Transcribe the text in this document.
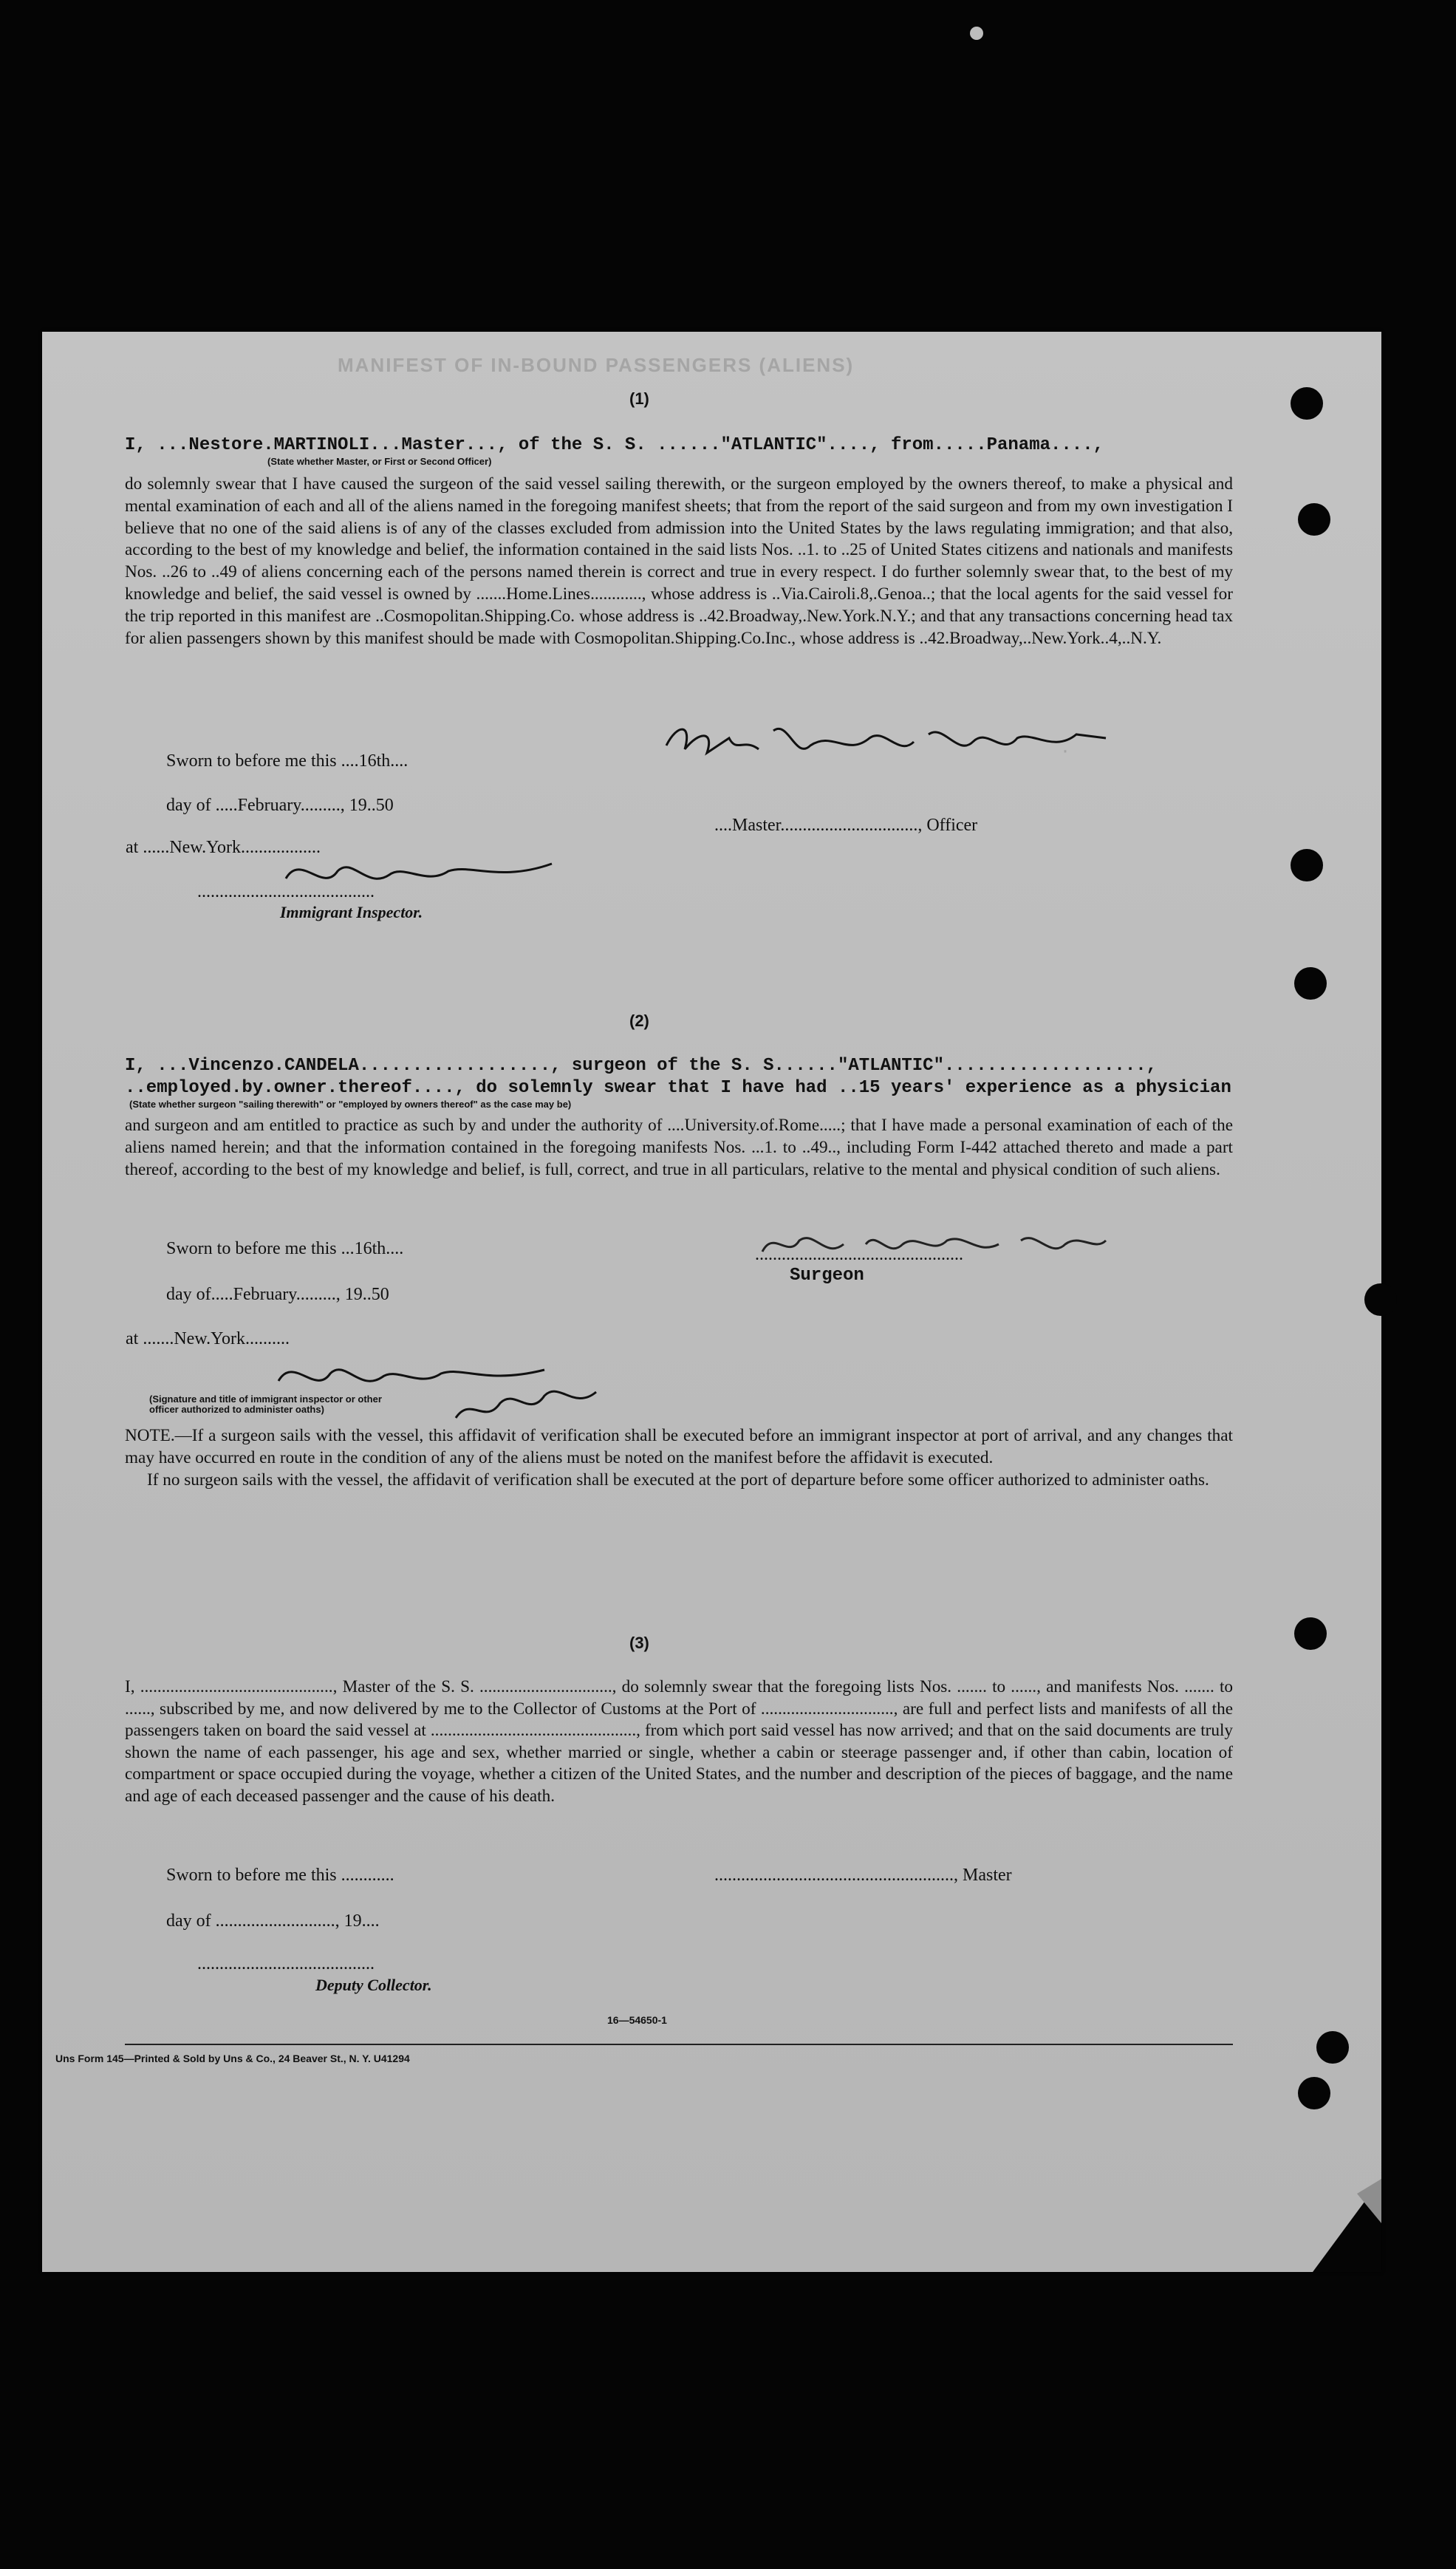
MANIFEST OF IN-BOUND PASSENGERS (ALIENS)
·
(1)
I, ...Nestore.MARTINOLI...Master..., of the S. S. ......"ATLANTIC"...., from.....Panama....,
(State whether Master, or First or Second Officer)
do solemnly swear that I have caused the surgeon of the said vessel sailing therewith, or the surgeon employed by the owners thereof, to make a physical and mental examination of each and all of the aliens named in the foregoing manifest sheets; that from the report of the said surgeon and from my own investigation I believe that no one of the said aliens is of any of the classes excluded from admission into the United States by the laws regulating immigration; and that also, according to the best of my knowledge and belief, the information contained in the said lists Nos. ..1. to ..25 of United States citizens and nationals and manifests Nos. ..26 to ..49 of aliens concerning each of the persons named therein is correct and true in every respect. I do further solemnly swear that, to the best of my knowledge and belief, the said vessel is owned by .......Home.Lines............, whose address is ..Via.Cairoli.8,.Genoa..; that the local agents for the said vessel for the trip reported in this manifest are ..Cosmopolitan.Shipping.Co. whose address is ..42.Broadway,.New.York.N.Y.; and that any transactions concerning head tax for alien passengers shown by this manifest should be made with Cosmopolitan.Shipping.Co.Inc., whose address is ..42.Broadway,..New.York..4,..N.Y.
Sworn to before me this ....16th....
day of .....February........., 19..50
at ......New.York..................
....Master..............................., Officer
........................................
Immigrant Inspector.
(2)
I, ...Vincenzo.CANDELA.................., surgeon of the S. S......"ATLANTIC"...................,
..employed.by.owner.thereof...., do solemnly swear that I have had ..15 years' experience as a physician
(State whether surgeon "sailing therewith" or "employed by owners thereof" as the case may be)
and surgeon and am entitled to practice as such by and under the authority of ....University.of.Rome.....; that I have made a personal examination of each of the aliens named herein; and that the information contained in the foregoing manifests Nos. ...1. to ..49.., including Form I-442 attached thereto and made a part thereof, according to the best of my knowledge and belief, is full, correct, and true in all particulars, relative to the mental and physical condition of such aliens.
Sworn to before me this ...16th....	...............................................
Surgeon
day of.....February........., 19..50
at .......New.York..........
(Signature and title of immigrant inspector or other officer authorized to administer oaths)
NOTE.—If a surgeon sails with the vessel, this affidavit of verification shall be executed before an immigrant inspector at port of arrival, and any changes that may have occurred en route in the condition of any of the aliens must be noted on the manifest before the affidavit is executed.
If no surgeon sails with the vessel, the affidavit of verification shall be executed at the port of departure before some officer authorized to administer oaths.
(3)
I, ............................................., Master of the S. S. ..............................., do solemnly swear that the foregoing lists Nos. ....... to ......, and manifests Nos. ....... to ......, subscribed by me, and now delivered by me to the Collector of Customs at the Port of ..............................., are full and perfect lists and manifests of all the passengers taken on board the said vessel at ................................................, from which port said vessel has now arrived; and that on the said documents are truly shown the name of each passenger, his age and sex, whether married or single, whether a cabin or steerage passenger and, if other than cabin, location of compartment or space occupied during the voyage, whether a citizen of the United States, and the number and description of the pieces of baggage, and the name and age of each deceased passenger and the cause of his death.
Sworn to before me this ............	......................................................, Master
day of ..........................., 19....
........................................
Deputy Collector.
16—54650-1
Uns Form 145—Printed & Sold by Uns & Co., 24 Beaver St., N. Y. U41294
